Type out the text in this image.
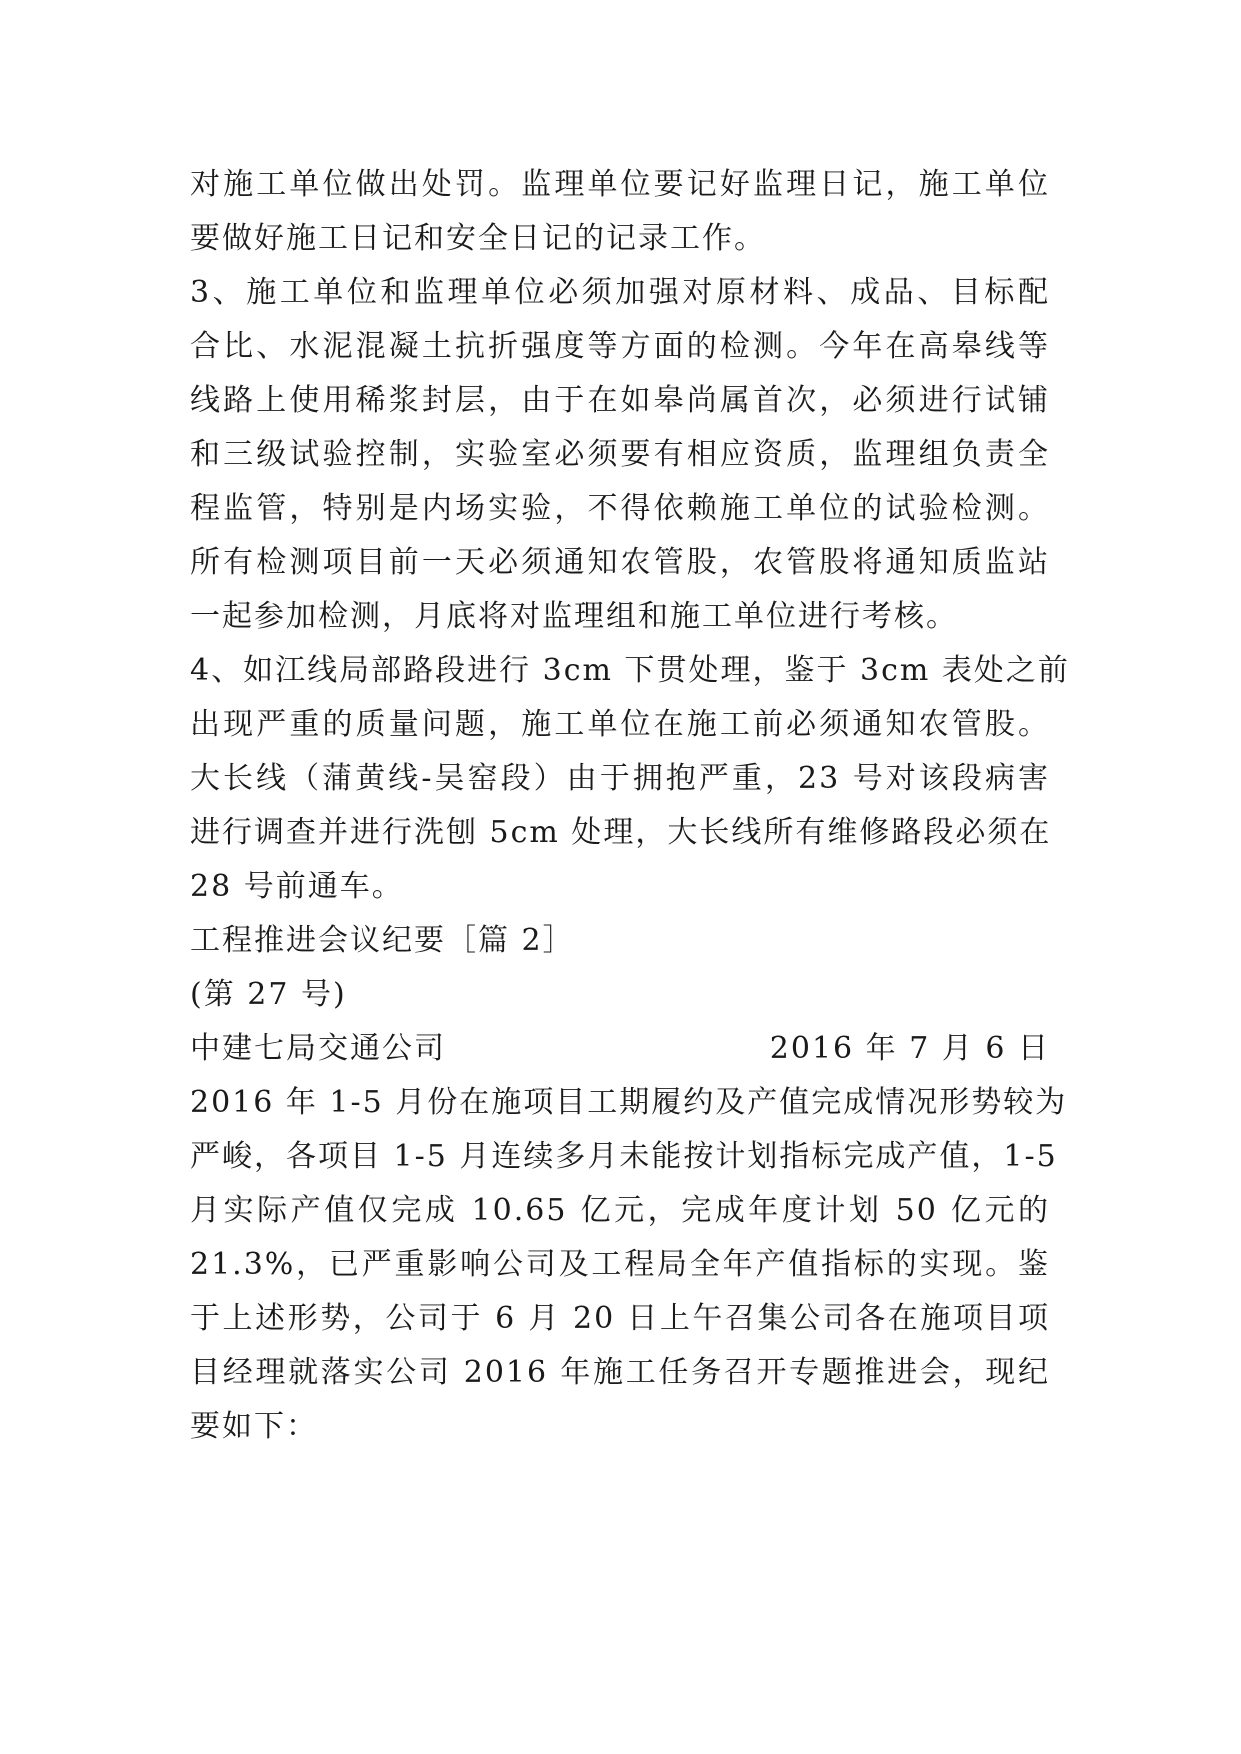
对施工单位做出处罚。监理单位要记好监理日记，施工单位
要做好施工日记和安全日记的记录工作。
3、施工单位和监理单位必须加强对原材料、成品、目标配
合比、水泥混凝土抗折强度等方面的检测。今年在高皋线等
线路上使用稀浆封层，由于在如皋尚属首次，必须进行试铺
和三级试验控制，实验室必须要有相应资质，监理组负责全
程监管，特别是内场实验，不得依赖施工单位的试验检测。
所有检测项目前一天必须通知农管股，农管股将通知质监站
一起参加检测，月底将对监理组和施工单位进行考核。
4、如江线局部路段进行 3cm 下贯处理，鉴于 3cm 表处之前
出现严重的质量问题，施工单位在施工前必须通知农管股。
大长线（蒲黄线-吴窑段）由于拥抱严重，23 号对该段病害
进行调查并进行洗刨 5cm 处理，大长线所有维修路段必须在
28 号前通车。
工程推进会议纪要［篇 2］
(第 27 号)
中建七局交通公司	2016 年 7 月 6 日
2016 年 1-5 月份在施项目工期履约及产值完成情况形势较为
严峻，各项目 1-5 月连续多月未能按计划指标完成产值，1-5
月实际产值仅完成 10.65 亿元，完成年度计划 50 亿元的
21.3%，已严重影响公司及工程局全年产值指标的实现。鉴
于上述形势，公司于 6 月 20 日上午召集公司各在施项目项
目经理就落实公司 2016 年施工任务召开专题推进会，现纪
要如下：
